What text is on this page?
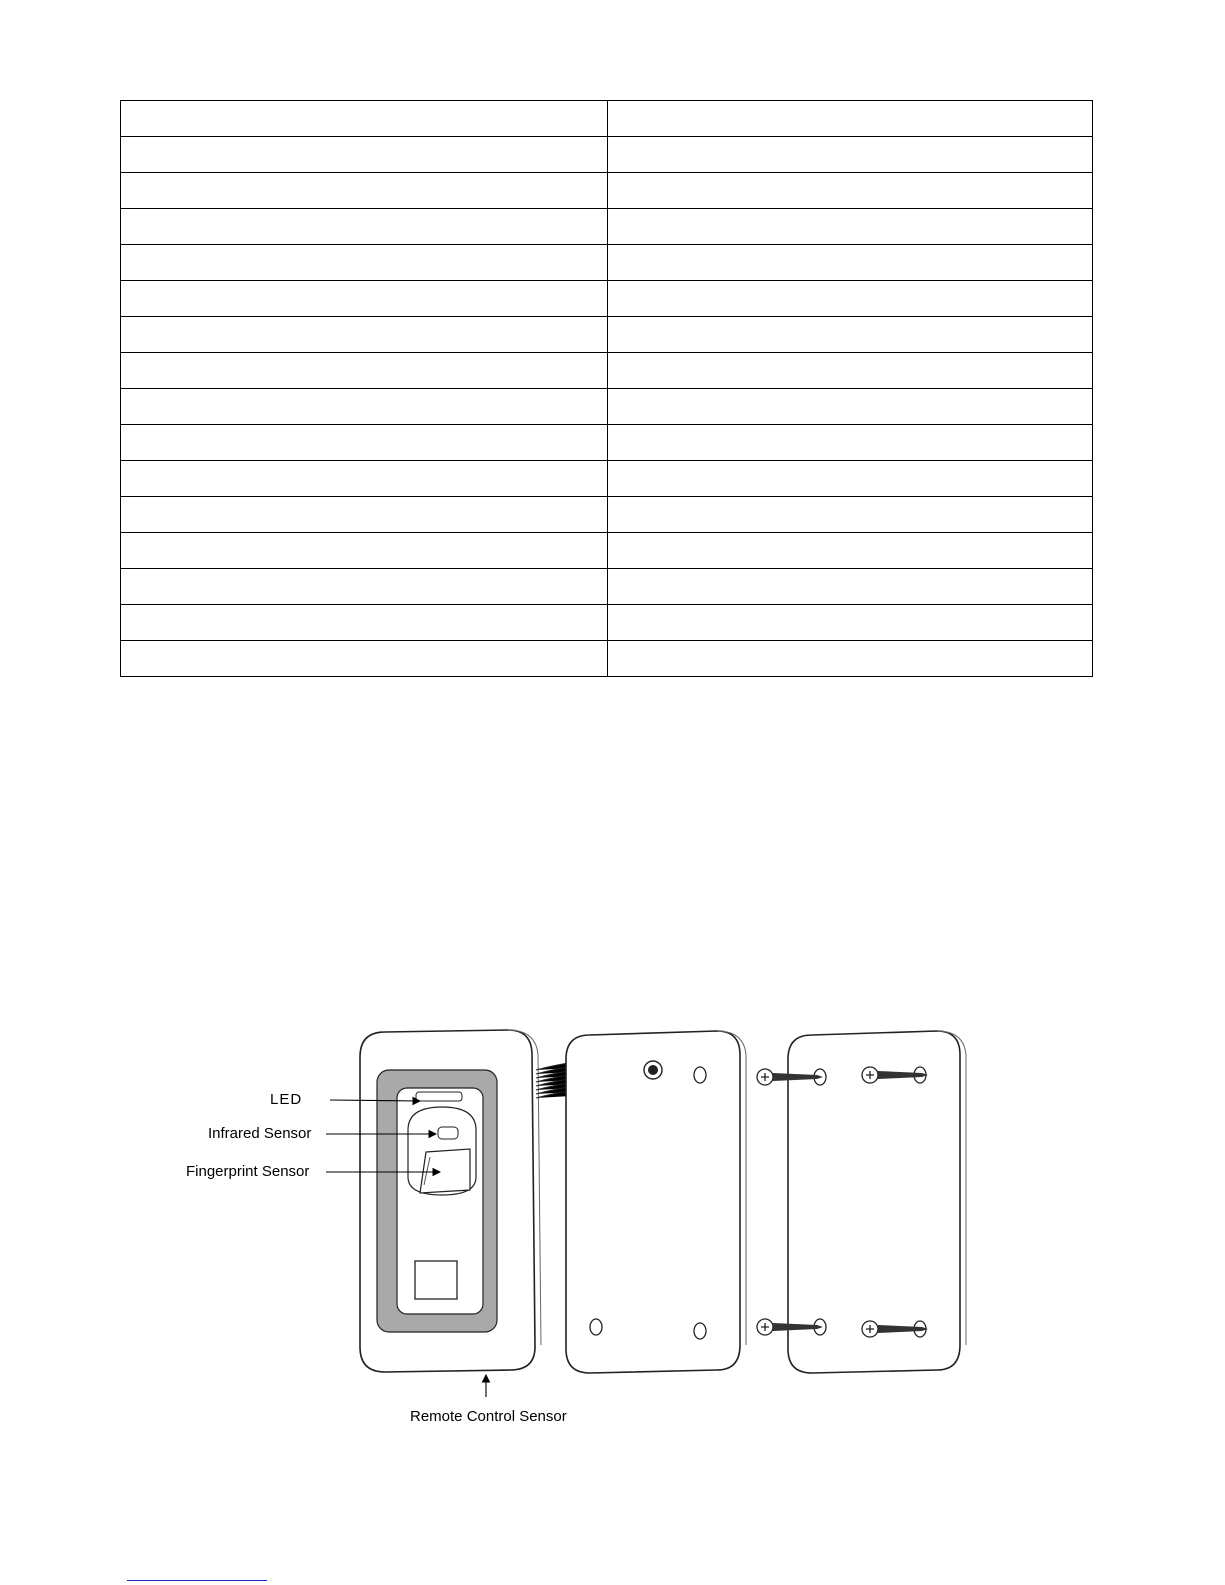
LED
Infrared Sensor
Fingerprint Sensor
Remote Control Sensor
